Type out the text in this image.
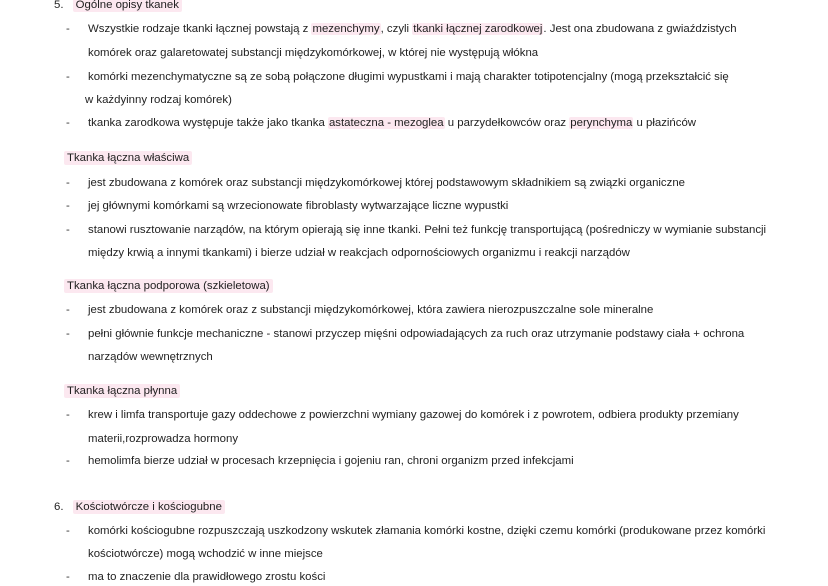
5. Ogólne opisy tkanek
- Wszystkie rodzaje tkanki łącznej powstają z mezenchymy, czyli tkanki łącznej zarodkowej. Jest ona zbudowana z gwiaździstych
komórek oraz galaretowatej substancji międzykomórkowej, w której nie występują włókna
- komórki mezenchymatyczne są ze sobą połączone długimi wypustkami i mają charakter totipotencjalny (mogą przekształcić się
w każdyinny rodzaj komórek)
- tkanka zarodkowa występuje także jako tkanka astateczna - mezoglea u parzydełkowców oraz perynchyma u płazińców
Tkanka łączna właściwa
- jest zbudowana z komórek oraz substancji międzykomórkowej której podstawowym składnikiem są związki organiczne
- jej głównymi komórkami są wrzecionowate fibroblasty wytwarzające liczne wypustki
- stanowi rusztowanie narządów, na którym opierają się inne tkanki. Pełni też funkcję transportującą (pośredniczy w wymianie substancji
między krwią a innymi tkankami) i bierze udział w reakcjach odpornościowych organizmu i reakcji narządów
Tkanka łączna podporowa (szkieletowa)
- jest zbudowana z komórek oraz z substancji międzykomórkowej, która zawiera nierozpuszczalne sole mineralne
- pełni głównie funkcje mechaniczne - stanowi przyczep mięśni odpowiadających za ruch oraz utrzymanie podstawy ciała + ochrona
narządów wewnętrznych
Tkanka łączna płynna
- krew i limfa transportuje gazy oddechowe z powierzchni wymiany gazowej do komórek i z powrotem, odbiera produkty przemiany
materii,rozprowadza hormony
- hemolimfa bierze udział w procesach krzepnięcia i gojeniu ran, chroni organizm przed infekcjami
6. Kościotwórcze i kościogubne
- komórki kościogubne rozpuszczają uszkodzony wskutek złamania komórki kostne, dzięki czemu komórki (produkowane przez komórki
kościotwórcze) mogą wchodzić w inne miejsce
- ma to znaczenie dla prawidłowego zrostu kości
